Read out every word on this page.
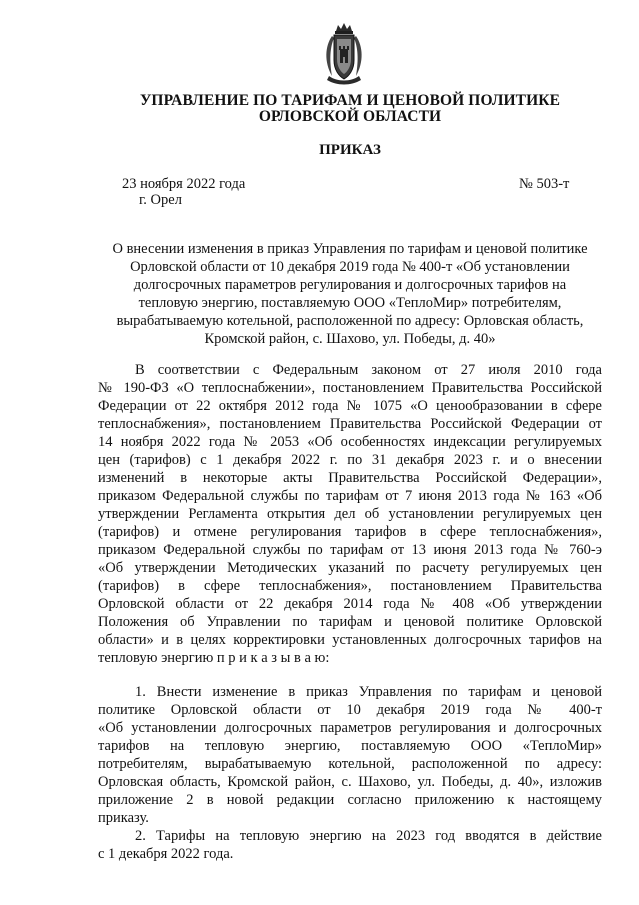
УПРАВЛЕНИЕ ПО ТАРИФАМ И ЦЕНОВОЙ ПОЛИТИКЕ
ОРЛОВСКОЙ ОБЛАСТИ
ПРИКАЗ
23 ноября 2022 года
г. Орел
№ 503-т
О внесении изменения в приказ Управления по тарифам и ценовой политике
Орловской области от 10 декабря 2019 года № 400-т «Об установлении
долгосрочных параметров регулирования и долгосрочных тарифов на
тепловую энергию, поставляемую ООО «ТеплоМир» потребителям,
вырабатываемую котельной, расположенной по адресу: Орловская область,
Кромской район, с. Шахово, ул. Победы, д. 40»
В соответствии с Федеральным законом от 27 июля 2010 года
№ 190-ФЗ «О теплоснабжении», постановлением Правительства Российской
Федерации от 22 октября 2012 года № 1075 «О ценообразовании в сфере
теплоснабжения», постановлением Правительства Российской Федерации от
14 ноября 2022 года № 2053 «Об особенностях индексации регулируемых
цен (тарифов) с 1 декабря 2022 г. по 31 декабря 2023 г. и о внесении
изменений в некоторые акты Правительства Российской Федерации»,
приказом Федеральной службы по тарифам от 7 июня 2013 года № 163 «Об
утверждении Регламента открытия дел об установлении регулируемых цен
(тарифов) и отмене регулирования тарифов в сфере теплоснабжения»,
приказом Федеральной службы по тарифам от 13 июня 2013 года № 760-э
«Об утверждении Методических указаний по расчету регулируемых цен
(тарифов) в сфере теплоснабжения», постановлением Правительства
Орловской области от 22 декабря 2014 года № 408 «Об утверждении
Положения об Управлении по тарифам и ценовой политике Орловской
области» и в целях корректировки установленных долгосрочных тарифов на
тепловую энергию п р и к а з ы в а ю:
1. Внести изменение в приказ Управления по тарифам и ценовой
политике Орловской области от 10 декабря 2019 года № 400-т
«Об установлении долгосрочных параметров регулирования и долгосрочных
тарифов на тепловую энергию, поставляемую ООО «ТеплоМир»
потребителям, вырабатываемую котельной, расположенной по адресу:
Орловская область, Кромской район, с. Шахово, ул. Победы, д. 40», изложив
приложение 2 в новой редакции согласно приложению к настоящему
приказу.
2. Тарифы на тепловую энергию на 2023 год вводятся в действие
с 1 декабря 2022 года.
